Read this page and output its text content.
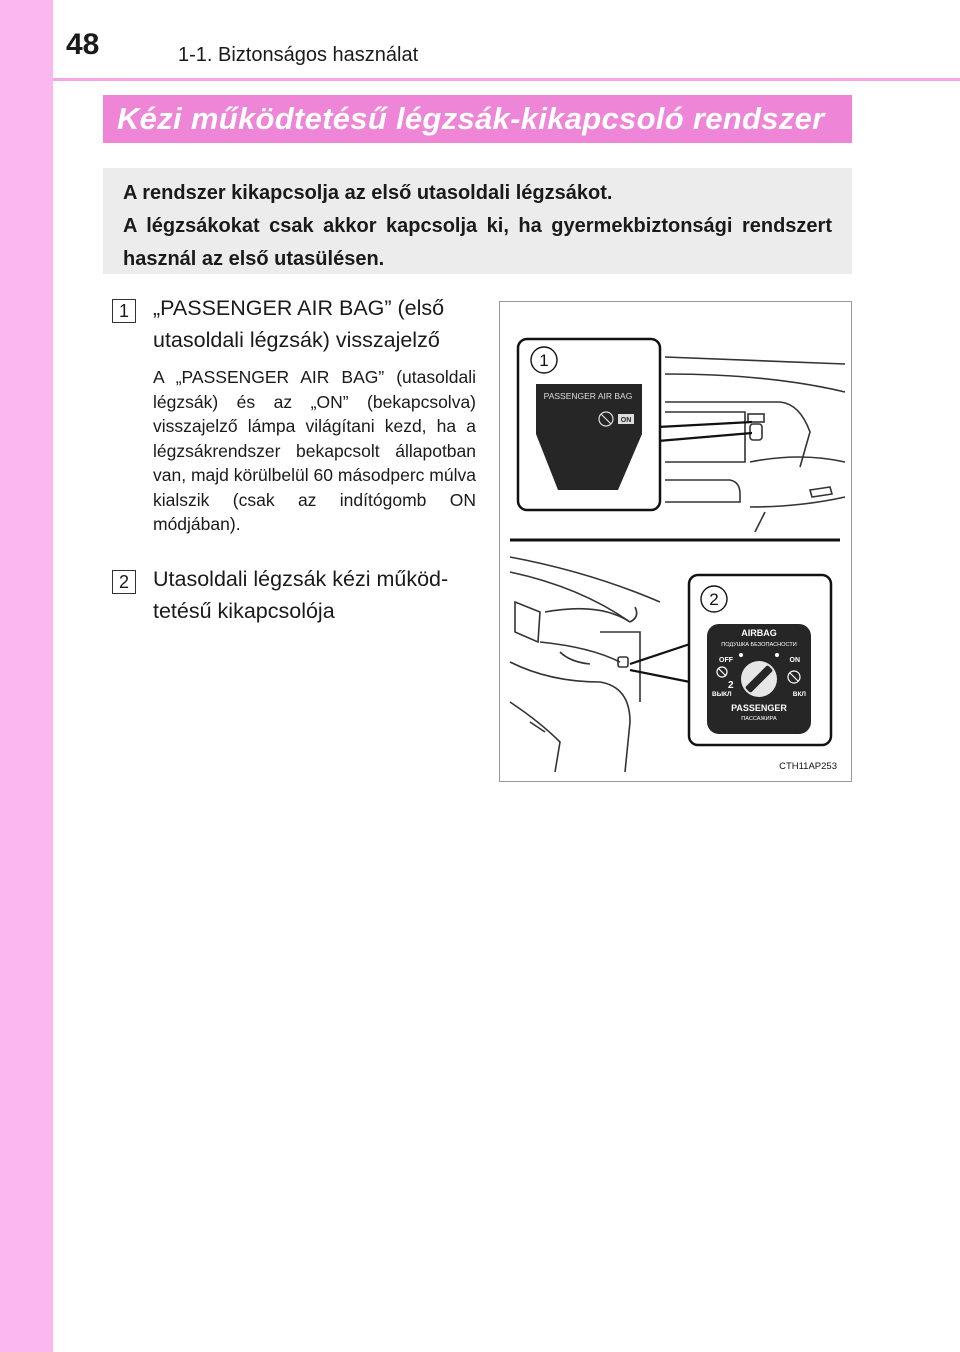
48	1-1. Biztonságos használat
Kézi működtetésű légzsák-kikapcsoló rendszer

A rendszer kikapcsolja az első utasoldali légzsákot.

A légzsákokat csak akkor kapcsolja ki, ha gyermekbiztonsági rendszert használ az első utasülésen.

1	„PASSENGER AIR BAG” (első
utasoldali légzsák) visszajelző
A „PASSENGER AIR BAG” (utasoldali légzsák) és az „ON” (bekapcsolva) visszajelző lámpa világítani kezd, ha a légzsákrendszer bekapcsolt állapotban van, majd körülbelül 60 másodperc múlva kialszik (csak az indítógomb ON módjában).
2	Utasoldali légzsák kézi működ-
tetésű kikapcsolója
1
PASSENGER AIR BAG
ON
2
AIRBAG
ПОДУШКА БЕЗОПАСНОСТИ
OFF	ON
2
ВЫКЛ	ВКЛ
PASSENGER
ПАССАЖИРА
CTH11AP253
